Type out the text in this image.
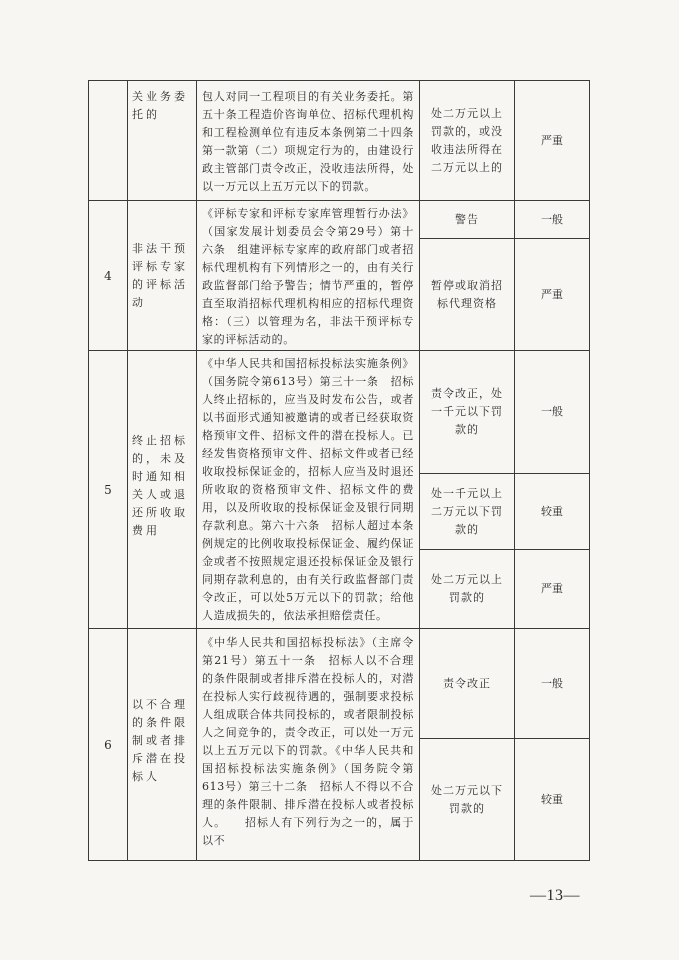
关业务委托的
包人对同一工程项目的有关业务委托。第五十条工程造价咨询单位、招标代理机构和工程检测单位有违反本条例第二十四条第一款第（二）项规定行为的，由建设行政主管部门责令改正，没收违法所得，处以一万元以上五万元以下的罚款。
处二万元以上罚款的，或没收违法所得在二万元以上的
严重
4
非法干预评标专家的评标活动
《评标专家和评标专家库管理暂行办法》（国家发展计划委员会令第29号）第十六条　组建评标专家库的政府部门或者招标代理机构有下列情形之一的，由有关行政监督部门给予警告；情节严重的，暂停直至取消招标代理机构相应的招标代理资格：（三）以管理为名，非法干预评标专家的评标活动的。
警告	一般
暂停或取消招标代理资格
严重
5
终止招标的，未及时通知相关人或退还所收取费用
《中华人民共和国招标投标法实施条例》（国务院令第613号）第三十一条　招标人终止招标的，应当及时发布公告，或者以书面形式通知被邀请的或者已经获取资格预审文件、招标文件的潜在投标人。已经发售资格预审文件、招标文件或者已经收取投标保证金的，招标人应当及时退还所收取的资格预审文件、招标文件的费用，以及所收取的投标保证金及银行同期存款利息。第六十六条　招标人超过本条例规定的比例收取投标保证金、履约保证金或者不按照规定退还投标保证金及银行同期存款利息的，由有关行政监督部门责令改正，可以处5万元以下的罚款；给他人造成损失的，依法承担赔偿责任。
责令改正，处一千元以下罚款的
一般
处一千元以上二万元以下罚款的
较重
处二万元以上罚款的
严重
6
以不合理的条件限制或者排斥潜在投标人
《中华人民共和国招标投标法》（主席令第21号）第五十一条　招标人以不合理的条件限制或者排斥潜在投标人的，对潜在投标人实行歧视待遇的，强制要求投标人组成联合体共同投标的，或者限制投标人之间竞争的，责令改正，可以处一万元以上五万元以下的罚款。《中华人民共和国招标投标法实施条例》（国务院令第613号）第三十二条　招标人不得以不合理的条件限制、排斥潜在投标人或者投标人。　　招标人有下列行为之一的，属于以不
责令改正	一般
处二万元以下罚款的
较重
—13—
